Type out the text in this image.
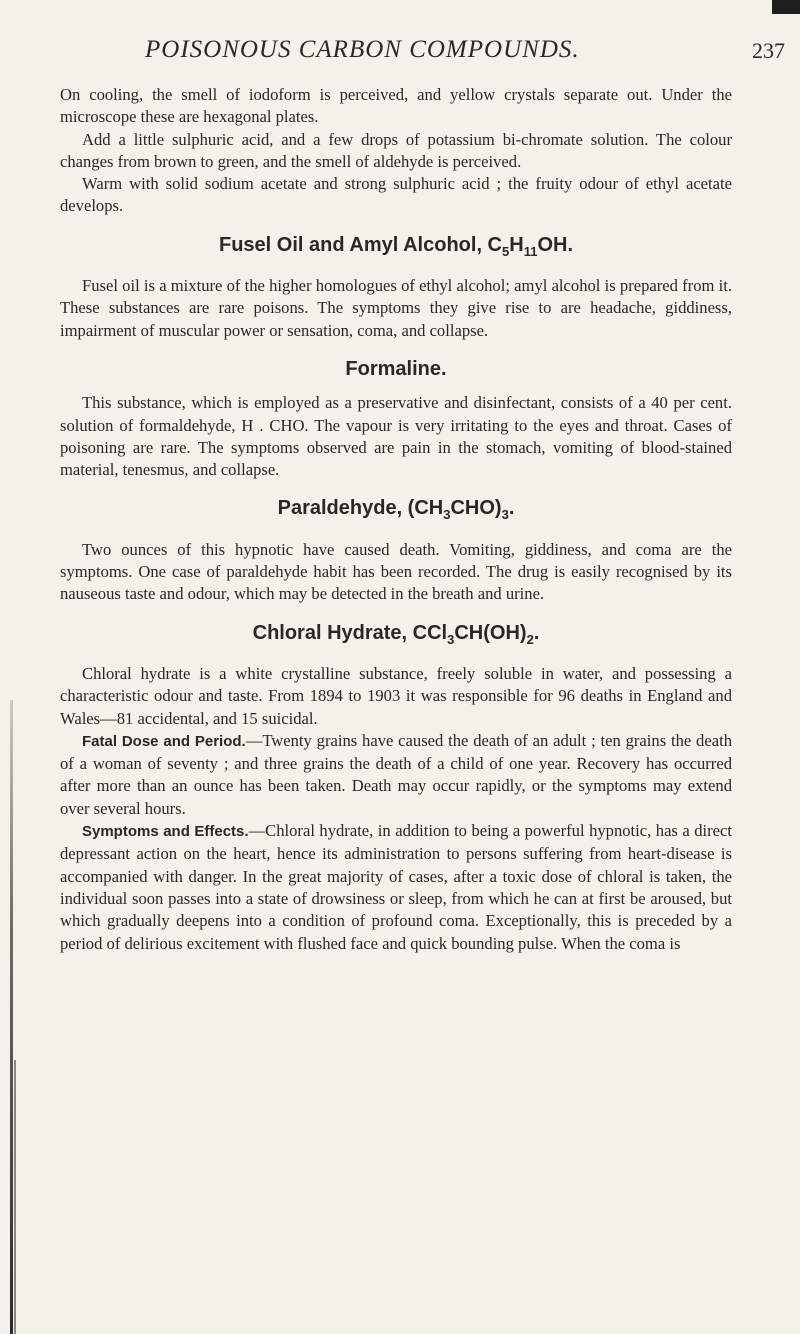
POISONOUS CARBON COMPOUNDS.	237

On cooling, the smell of iodoform is perceived, and yellow crystals separate out. Under the microscope these are hexagonal plates.

Add a little sulphuric acid, and a few drops of potassium bi-chromate solution. The colour changes from brown to green, and the smell of aldehyde is perceived.

Warm with solid sodium acetate and strong sulphuric acid ; the fruity odour of ethyl acetate develops.

Fusel Oil and Amyl Alcohol, $C_5H_{11}OH$.

Fusel oil is a mixture of the higher homologues of ethyl alcohol; amyl alcohol is prepared from it. These substances are rare poisons. The symptoms they give rise to are headache, giddiness, impairment of muscular power or sensation, coma, and collapse.

Formaline.

This substance, which is employed as a preservative and disinfectant, consists of a 40 per cent. solution of formaldehyde, H . CHO. The vapour is very irritating to the eyes and throat. Cases of poisoning are rare. The symptoms observed are pain in the stomach, vomiting of blood-stained material, tenesmus, and collapse.

Paraldehyde, $(CH_3CHO)_3$.

Two ounces of this hypnotic have caused death. Vomiting, giddiness, and coma are the symptoms. One case of paraldehyde habit has been recorded. The drug is easily recognised by its nauseous taste and odour, which may be detected in the breath and urine.

Chloral Hydrate, $CCl_3CH(OH)_2$.

Chloral hydrate is a white crystalline substance, freely soluble in water, and possessing a characteristic odour and taste. From 1894 to 1903 it was responsible for 96 deaths in England and Wales—81 accidental, and 15 suicidal.

Fatal Dose and Period.—Twenty grains have caused the death of an adult ; ten grains the death of a woman of seventy ; and three grains the death of a child of one year. Recovery has occurred after more than an ounce has been taken. Death may occur rapidly, or the symptoms may extend over several hours.

Symptoms and Effects.—Chloral hydrate, in addition to being a powerful hypnotic, has a direct depressant action on the heart, hence its administration to persons suffering from heart-disease is accompanied with danger. In the great majority of cases, after a toxic dose of chloral is taken, the individual soon passes into a state of drowsiness or sleep, from which he can at first be aroused, but which gradually deepens into a condition of profound coma. Exceptionally, this is preceded by a period of delirious excitement with flushed face and quick bounding pulse. When the coma is
